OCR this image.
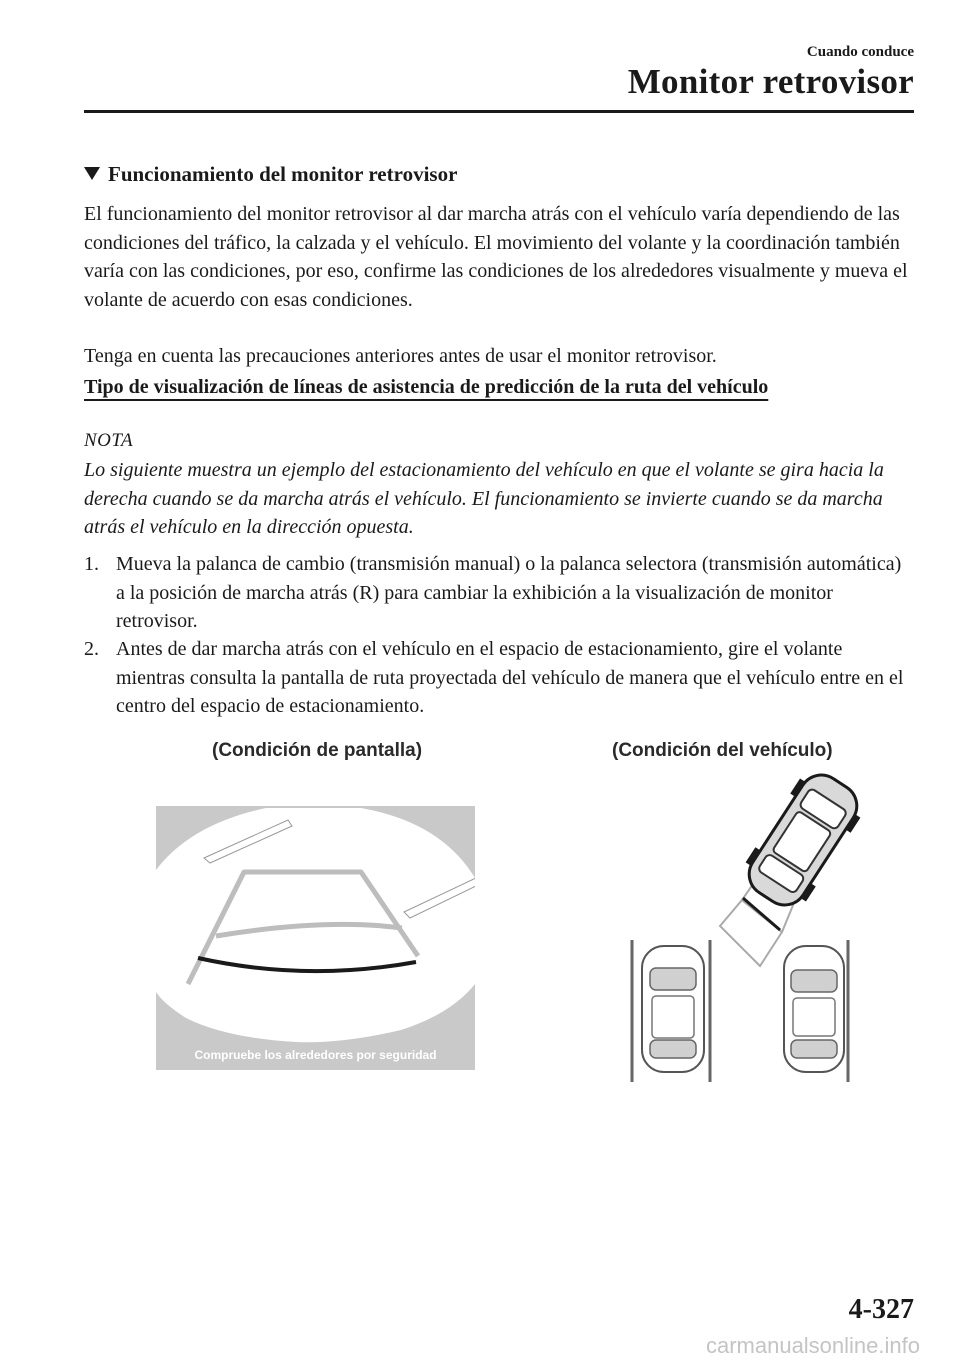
Cuando conduce
Monitor retrovisor
Funcionamiento del monitor retrovisor

El funcionamiento del monitor retrovisor al dar marcha atrás con el vehículo varía dependiendo de las condiciones del tráfico, la calzada y el vehículo. El movimiento del volante y la coordinación también varía con las condiciones, por eso, confirme las condiciones de los alrededores visualmente y mueva el volante de acuerdo con esas condiciones.

Tenga en cuenta las precauciones anteriores antes de usar el monitor retrovisor.

Tipo de visualización de líneas de asistencia de predicción de la ruta del vehículo
NOTA

Lo siguiente muestra un ejemplo del estacionamiento del vehículo en que el volante se gira hacia la derecha cuando se da marcha atrás el vehículo. El funcionamiento se invierte cuando se da marcha atrás el vehículo en la dirección opuesta.

1. Mueva la palanca de cambio (transmisión manual) o la palanca selectora (transmisión automática) a la posición de marcha atrás (R) para cambiar la exhibición a la visualización de monitor retrovisor.
2. Antes de dar marcha atrás con el vehículo en el espacio de estacionamiento, gire el volante mientras consulta la pantalla de ruta proyectada del vehículo de manera que el vehículo entre en el centro del espacio de estacionamiento.
(Condición de pantalla)	(Condición del vehículo)
Compruebe los alrededores por seguridad
4-327
carmanualsonline.info
